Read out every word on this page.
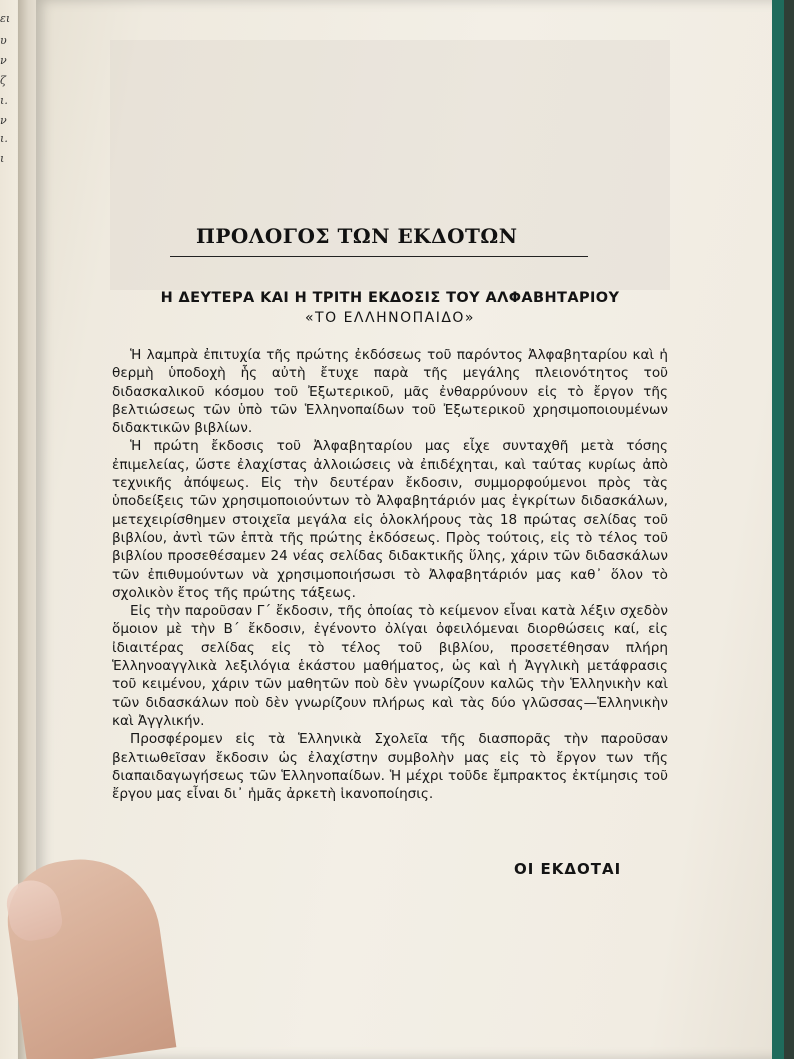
ει
υ
ν
ζ
ι.
ν
ι.
ι
ΠΡΟΛΟΓΟΣ ΤΩΝ ΕΚΔΟΤΩΝ
Η ΔΕΥΤΕΡΑ ΚΑΙ Η ΤΡΙΤΗ ΕΚΔΟΣΙΣ ΤΟΥ ΑΛΦΑΒΗΤΑΡΙΟΥ
«ΤΟ ΕΛΛΗΝΟΠΑΙΔΟ»

Ἡ λαμπρὰ ἐπιτυχία τῆς πρώτης ἐκδόσεως τοῦ παρόντος Ἀλφαβηταρίου καὶ ἡ θερμὴ ὑποδοχὴ ἧς αὐτὴ ἔτυχε παρὰ τῆς μεγάλης πλειονότητος τοῦ διδασκαλικοῦ κόσμου τοῦ Ἐξωτερικοῦ, μᾶς ἐνθαρρύνουν εἰς τὸ ἔργον τῆς βελτιώσεως τῶν ὑπὸ τῶν Ἑλληνοπαίδων τοῦ Ἐξωτερικοῦ χρησιμοποιουμένων διδακτικῶν βιβλίων.

Ἡ πρώτη ἔκδοσις τοῦ Ἀλφαβηταρίου μας εἶχε συνταχθῆ μετὰ τόσης ἐπιμελείας, ὥστε ἐλαχίστας ἀλλοιώσεις νὰ ἐπιδέχηται, καὶ ταύτας κυρίως ἀπὸ τεχνικῆς ἀπόψεως. Εἰς τὴν δευτέραν ἔκδοσιν, συμμορφούμενοι πρὸς τὰς ὑποδείξεις τῶν χρησιμοποιούντων τὸ Ἀλφαβητάριόν μας ἐγκρίτων διδασκάλων, μετεχειρίσθημεν στοιχεῖα μεγάλα εἰς ὁλοκλήρους τὰς 18 πρώτας σελίδας τοῦ βιβλίου, ἀντὶ τῶν ἑπτὰ τῆς πρώτης ἐκδόσεως. Πρὸς τούτοις, εἰς τὸ τέλος τοῦ βιβλίου προσεθέσαμεν 24 νέας σελίδας διδακτικῆς ὕλης, χάριν τῶν διδασκάλων τῶν ἐπιθυμούντων νὰ χρησιμοποιήσωσι τὸ Ἀλφαβητάριόν μας καθ᾽ ὅλον τὸ σχολικὸν ἔτος τῆς πρώτης τάξεως.

Εἰς τὴν παροῦσαν Γ΄ ἔκδοσιν, τῆς ὁποίας τὸ κείμενον εἶναι κατὰ λέξιν σχεδὸν ὅμοιον μὲ τὴν Β΄ ἔκδοσιν, ἐγένοντο ὀλίγαι ὀφειλόμεναι διορθώσεις καί, εἰς ἰδιαιτέρας σελίδας εἰς τὸ τέλος τοῦ βιβλίου, προσετέθησαν πλήρη Ἑλληνοαγγλικὰ λεξιλόγια ἑκάστου μαθήματος, ὡς καὶ ἡ Ἀγγλικὴ μετάφρασις τοῦ κειμένου, χάριν τῶν μαθητῶν ποὺ δὲν γνωρίζουν καλῶς τὴν Ἑλληνικὴν καὶ τῶν διδασκάλων ποὺ δὲν γνωρίζουν πλήρως καὶ τὰς δύο γλῶσσας—Ἑλληνικὴν καὶ Ἀγγλικήν.

Προσφέρομεν εἰς τὰ Ἑλληνικὰ Σχολεῖα τῆς διασπορᾶς τὴν παροῦσαν βελτιωθεῖσαν ἔκδοσιν ὡς ἐλαχίστην συμβολὴν μας εἰς τὸ ἔργον των τῆς διαπαιδαγωγήσεως τῶν Ἑλληνοπαίδων. Ἡ μέχρι τοῦδε ἔμπρακτος ἐκτίμησις τοῦ ἔργου μας εἶναι δι᾽ ἡμᾶς ἀρκετὴ ἱκανοποίησις.

ΟΙ ΕΚΔΟΤΑΙ
